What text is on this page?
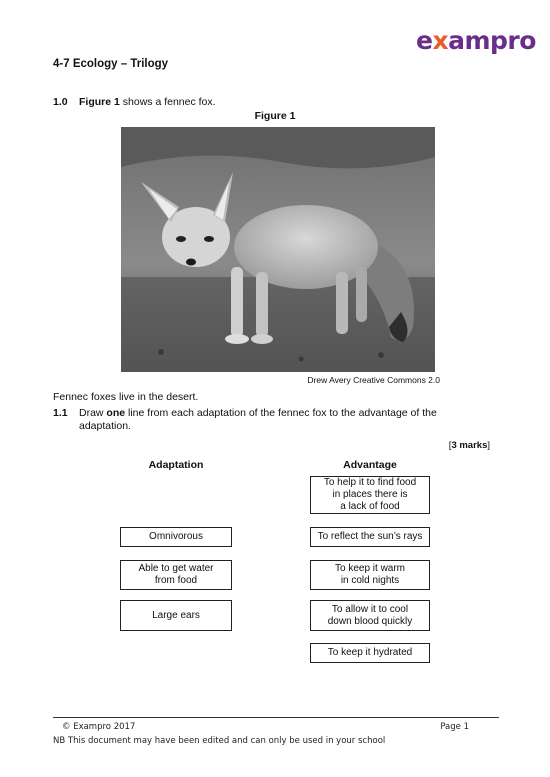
exampro
4-7 Ecology – Trilogy
1.0 Figure 1 shows a fennec fox.
Figure 1
Drew Avery Creative Commons 2.0
Fennec foxes live in the desert.
1.1 Draw one line from each adaptation of the fennec fox to the advantage of the adaptation.
[3 marks]
Adaptation	Advantage
Omnivorous
Able to get water
from food
Large ears
To help it to find food
in places there is
a lack of food
To reflect the sun’s rays
To keep it warm
in cold nights
To allow it to cool
down blood quickly
To keep it hydrated
© Exampro 2017	Page 1
NB This document may have been edited and can only be used in your school
